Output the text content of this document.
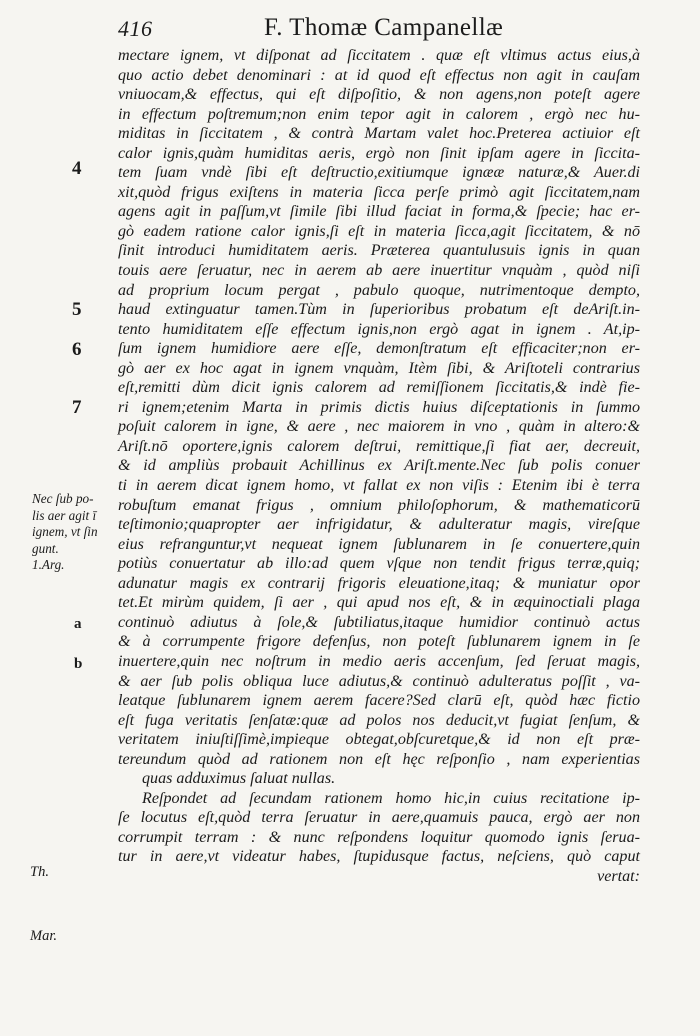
416	F. Thomæ Campanellæ
4
5
6
7
a
b
Nec ſub po-
lis aer agit ī
ignem, vt ſin
gunt.
1.Arg.
Th.
Mar.
mectare ignem, vt diſponat ad ſiccitatem . quæ eſt vltimus actus eius,à
quo actio debet denominari : at id quod eſt effectus non agit in cauſam
vniuocam,& effectus, qui eſt diſpoſitio, & non agens,non poteſt agere
in effectum poſtremum;non enim tepor agit in calorem , ergò nec hu-
miditas in ſiccitatem , & contrà Martam valet hoc.Preterea actiuior eſt
calor ignis,quàm humiditas aeris, ergò non ſinit ipſam agere in ſiccita-
tem ſuam vndè ſibi eſt deſtructio,exitiumque ignææ naturæ,& Auer.di
xit,quòd frigus exiſtens in materia ſicca perſe primò agit ſiccitatem,nam
agens agit in paſſum,vt ſimile ſibi illud faciat in forma,& ſpecie; hac er-
gò eadem ratione calor ignis,ſi eſt in materia ſicca,agit ſiccitatem, & nō
ſinit introduci humiditatem aeris. Præterea quantulusuis ignis in quan
touis aere ſeruatur, nec in aerem ab aere inuertitur vnquàm , quòd niſi
ad proprium locum pergat , pabulo quoque, nutrimentoque dempto,
haud extinguatur tamen.Tùm in ſuperioribus probatum eſt deAriſt.in-
tento humiditatem eſſe effectum ignis,non ergò agat in ignem . At,ip-
ſum ignem humidiore aere eſſe, demonſtratum eſt efficaciter;non er-
gò aer ex hoc agat in ignem vnquàm, Itèm ſibi, & Ariſtoteli contrarius
eſt,remitti dùm dicit ignis calorem ad remiſſionem ſiccitatis,& indè fie-
ri ignem;etenim Marta in primis dictis huius diſceptationis in ſummo
poſuit calorem in igne, & aere , nec maiorem in vno , quàm in altero:&
Ariſt.nō oportere,ignis calorem deſtrui, remittique,ſi fiat aer, decreuit,
& id ampliùs probauit Achillinus ex Ariſt.mente.Nec ſub polis conuer
ti in aerem dicat ignem homo, vt fallat ex non viſis : Etenim ibi è terra
robuſtum emanat frigus , omnium philoſophorum, & mathematicorū
teſtimonio;quapropter aer infrigidatur, & adulteratur magis, vireſque
eius refranguntur,vt nequeat ignem ſublunarem in ſe conuertere,quin
potiùs conuertatur ab illo:ad quem vſque non tendit frigus terræ,quiq;
adunatur magis ex contrarij frigoris eleuatione,itaq; & muniatur opor
tet.Et mirùm quidem, ſi aer , qui apud nos eſt, & in æquinoctiali plaga
continuò adiutus à ſole,& ſubtiliatus,itaque humidior continuò actus
& à corrumpente frigore defenſus, non poteſt ſublunarem ignem in ſe
inuertere,quin nec noſtrum in medio aeris accenſum, ſed ſeruat magis,
& aer ſub polis obliqua luce adiutus,& continuò adulteratus poſſit , va-
leatque ſublunarem ignem aerem facere?Sed clarū eſt, quòd hæc fictio
eſt fuga veritatis ſenſatæ:quæ ad polos nos deducit,vt fugiat ſenſum, &
veritatem iniuſtiſſimè,impieque obtegat,obſcuretque,& id non eſt præ-
tereundum quòd ad rationem non eſt hęc reſponſio , nam experientias
quas adduximus ſaluat nullas.
Reſpondet ad ſecundam rationem homo hic,in cuius recitatione ip-
ſe locutus eſt,quòd terra ſeruatur in aere,quamuis pauca, ergò aer non
corrumpit terram : & nunc reſpondens loquitur quomodo ignis ſerua-
tur in aere,vt videatur habes, ſtupidusque factus, neſciens, quò caput
vertat:
